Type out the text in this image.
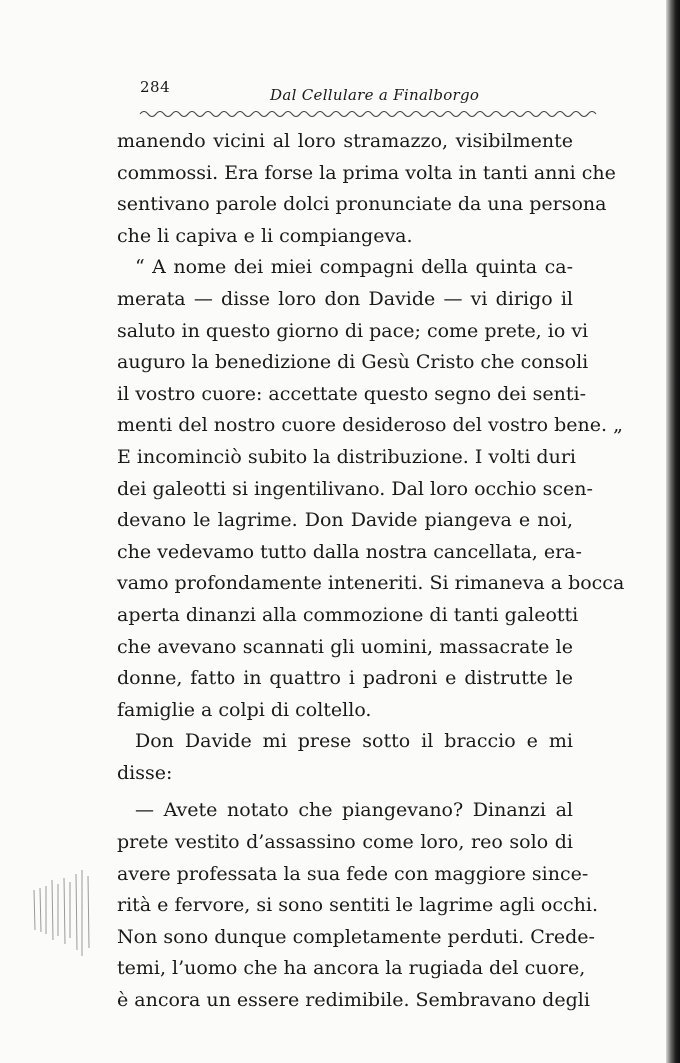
284	Dal Cellulare a Finalborgo
manendo vicini al loro stramazzo, visibilmente
commossi. Era forse la prima volta in tanti anni che
sentivano parole dolci pronunciate da una persona
che li capiva e li compiangeva.
“ A nome dei miei compagni della quinta ca-
merata — disse loro don Davide — vi dirigo il
saluto in questo giorno di pace; come prete, io vi
auguro la benedizione di Gesù Cristo che consoli
il vostro cuore: accettate questo segno dei senti-
menti del nostro cuore desideroso del vostro bene. „
E incominciò subito la distribuzione. I volti duri
dei galeotti si ingentilivano. Dal loro occhio scen-
devano le lagrime. Don Davide piangeva e noi,
che vedevamo tutto dalla nostra cancellata, era-
vamo profondamente inteneriti. Si rimaneva a bocca
aperta dinanzi alla commozione di tanti galeotti
che avevano scannati gli uomini, massacrate le
donne, fatto in quattro i padroni e distrutte le
famiglie a colpi di coltello.
Don Davide mi prese sotto il braccio e mi
disse:
— Avete notato che piangevano? Dinanzi al
prete vestito d’assassino come loro, reo solo di
avere professata la sua fede con maggiore since-
rità e fervore, si sono sentiti le lagrime agli occhi.
Non sono dunque completamente perduti. Crede-
temi, l’uomo che ha ancora la rugiada del cuore,
è ancora un essere redimibile. Sembravano degli
